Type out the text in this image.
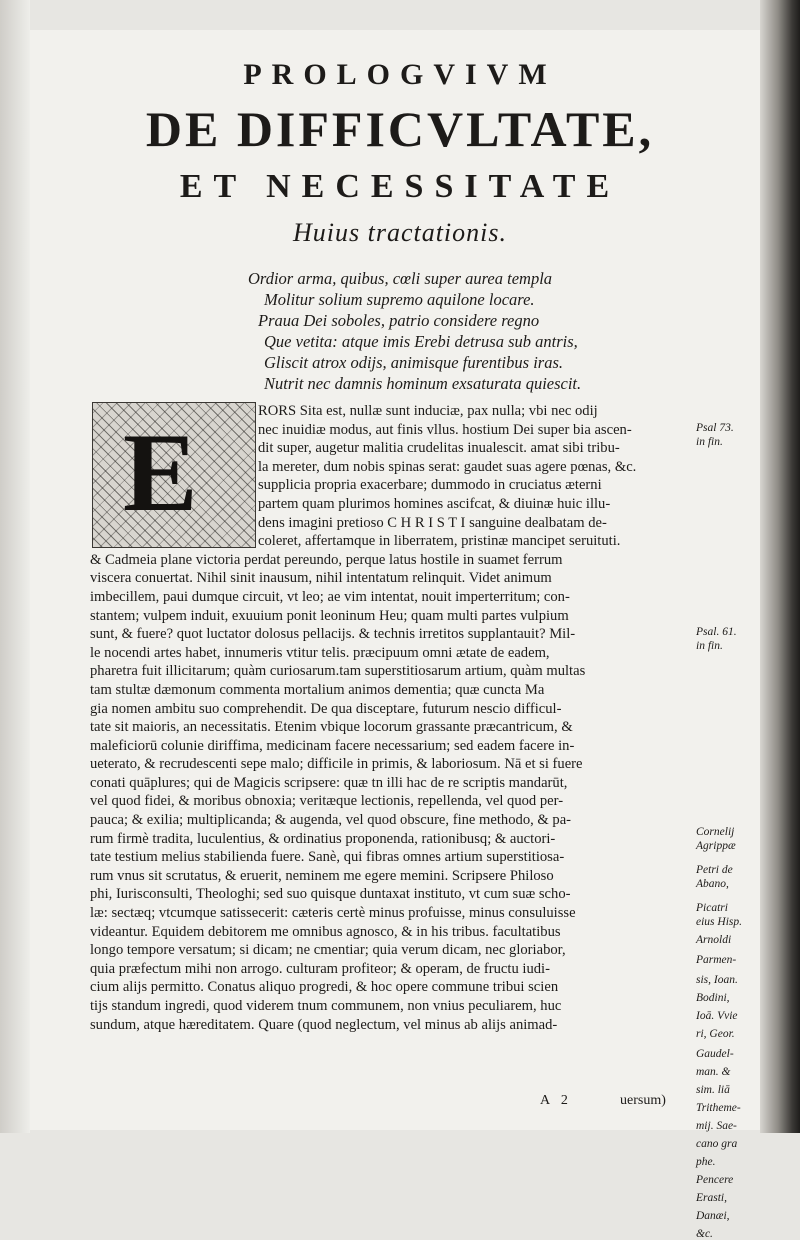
PROLOGVIVM
DE DIFFICVLTATE,
ET NECESSITATE
Huius tractationis.
Ordior arma, quibus, cœli super aurea templa
Molitur solium supremo aquilone locare.
Praua Dei soboles, patrio considere regno
Que vetita: atque imis Erebi detrusa sub antris,
Gliscit atrox odijs, animisque furentibus iras.
Nutrit nec damnis hominum exsaturata quiescit.
E	RORS Sita est, nullæ sunt induciæ, pax nulla; vbi nec odij
nec inuidiæ modus, aut finis vllus. hostium Dei super bia ascen-
dit super, augetur malitia crudelitas inualescit. amat sibi tribu-
la mereter, dum nobis spinas serat: gaudet suas agere pœnas, &c.
supplicia propria exacerbare; dummodo in cruciatus æterni
partem quam plurimos homines ascifcat, & diuinæ huic illu-
dens imagini pretioso C H R I S T I sanguine dealbatam de-
coleret, affertamque in liberratem, pristinæ mancipet seruituti.
& Cadmeia plane victoria perdat pereundo, perque latus hostile in suamet ferrum
viscera conuertat. Nihil sinit inausum, nihil intentatum relinquit. Videt animum
imbecillem, paui dumque circuit, vt leo; ae vim intentat, nouit imperterritum; con-
stantem; vulpem induit, exuuium ponit leoninum Heu; quam multi partes vulpium
sunt, & fuere? quot luctator dolosus pellacijs. & technis irretitos supplantauit? Mil-
le nocendi artes habet, innumeris vtitur telis. præcipuum omni ætate de eadem,
pharetra fuit illicitarum; quàm curiosarum.tam superstitiosarum artium, quàm multas
tam stultæ dæmonum commenta mortalium animos dementia; quæ cuncta Ma
gia nomen ambitu suo comprehendit. De qua disceptare, futurum nescio difficul-
tate sit maioris, an necessitatis. Etenim vbique locorum grassante præcantricum, &
maleficiorū colunie diriffima, medicinam facere necessarium; sed eadem facere in-
ueterato, & recrudescenti sepe malo; difficile in primis, & laboriosum. Nā et si fuere
conati quāplures; qui de Magicis scripsere: quæ tn illi hac de re scriptis mandarūt,
vel quod fidei, & moribus obnoxia; veritæque lectionis, repellenda, vel quod per-
pauca; & exilia; multiplicanda; & augenda, vel quod obscure, fine methodo, & pa-
rum firmè tradita, luculentius, & ordinatius proponenda, rationibusq; & auctori-
tate testium melius stabilienda fuere. Sanè, qui fibras omnes artium superstitiosa-
rum vnus sit scrutatus, & eruerit, neminem me egere memini. Scripsere Philoso
phi, Iurisconsulti, Theologhi; sed suo quisque duntaxat instituto, vt cum suæ scho-
læ: sectæq; vtcumque satissecerit: cæteris certè minus profuisse, minus consuluisse
videantur. Equidem debitorem me omnibus agnosco, & in his tribus. facultatibus
longo tempore versatum; si dicam; ne cmentiar; quia verum dicam, nec gloriabor,
quia præfectum mihi non arrogo. culturam profiteor; & operam, de fructu iudi-
cium alijs permitto. Conatus aliquo progredi, & hoc opere commune tribui scien
tijs standum ingredi, quod viderem tnum communem, non vnius peculiarem, huc
sundum, atque hæreditatem. Quare (quod neglectum, vel minus ab alijs animad-
Psal 73.
in fin.
Psal. 61.
in fin.
Cornelij
Agrippæ
Petri de
Abano,
Picatri
eius Hisp.
Arnoldi
Parmen-
sis, Ioan.
Bodini,
Ioā. Vvie
ri, Geor.
Gaudel-
man. &
sim. liā
Tritheme-
mij. Sae-
cano gra
phe.
Pencere
Erasti,
Danæi,
&c.
A 2	uersum)
